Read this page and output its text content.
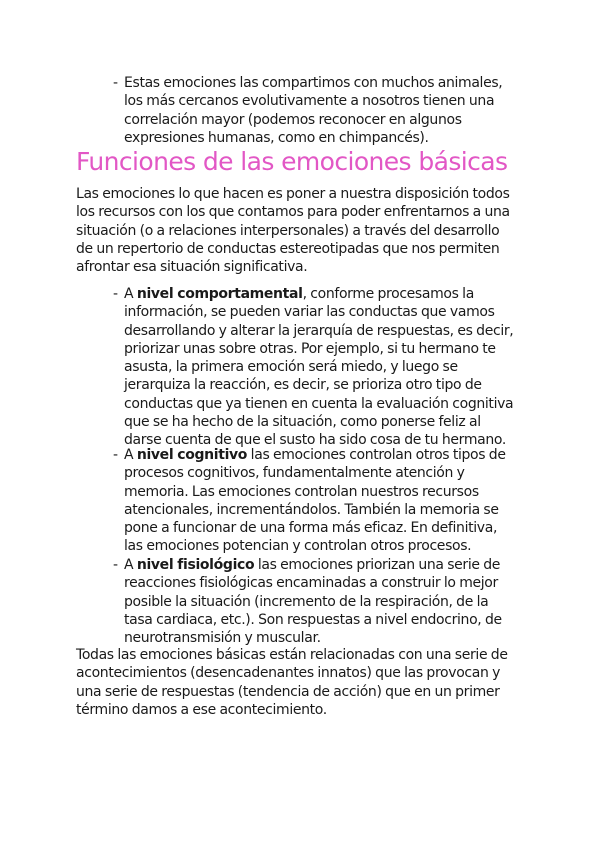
- Estas emociones las compartimos con muchos animales,
los más cercanos evolutivamente a nosotros tienen una
correlación mayor (podemos reconocer en algunos
expresiones humanas, como en chimpancés).
Funciones de las emociones básicas
Las emociones lo que hacen es poner a nuestra disposición todos
los recursos con los que contamos para poder enfrentarnos a una
situación (o a relaciones interpersonales) a través del desarrollo
de un repertorio de conductas estereotipadas que nos permiten
afrontar esa situación significativa.
- A nivel comportamental, conforme procesamos la
información, se pueden variar las conductas que vamos
desarrollando y alterar la jerarquía de respuestas, es decir,
priorizar unas sobre otras. Por ejemplo, si tu hermano te
asusta, la primera emoción será miedo, y luego se
jerarquiza la reacción, es decir, se prioriza otro tipo de
conductas que ya tienen en cuenta la evaluación cognitiva
que se ha hecho de la situación, como ponerse feliz al
darse cuenta de que el susto ha sido cosa de tu hermano.
- A nivel cognitivo las emociones controlan otros tipos de
procesos cognitivos, fundamentalmente atención y
memoria. Las emociones controlan nuestros recursos
atencionales, incrementándolos. También la memoria se
pone a funcionar de una forma más eficaz. En definitiva,
las emociones potencian y controlan otros procesos.
- A nivel fisiológico las emociones priorizan una serie de
reacciones fisiológicas encaminadas a construir lo mejor
posible la situación (incremento de la respiración, de la
tasa cardiaca, etc.). Son respuestas a nivel endocrino, de
neurotransmisión y muscular.
Todas las emociones básicas están relacionadas con una serie de
acontecimientos (desencadenantes innatos) que las provocan y
una serie de respuestas (tendencia de acción) que en un primer
término damos a ese acontecimiento.
